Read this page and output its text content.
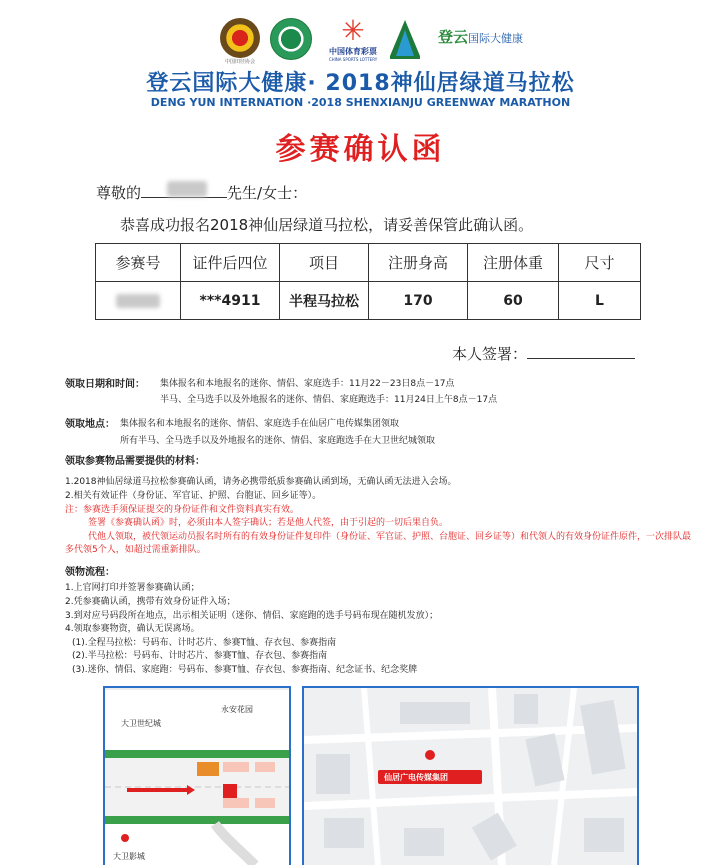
中国田径协会
✳
中国体育彩票
CHINA SPORTS LOTTERY
登云国际大健康
登云国际大健康· 2018神仙居绿道马拉松
DENG YUN INTERNATION ·2018 SHENXIANJU GREENWAY MARATHON
参赛确认函
尊敬的	先生/女士：
恭喜成功报名2018神仙居绿道马拉松，请妥善保管此确认函。
参赛号	证件后四位	项目	注册身高	注册体重	尺寸
	***4911	半程马拉松	170	60	L
本人签署：
领取日期和时间： 集体报名和本地报名的迷你、情侣、家庭选手：11月22－23日8点－17点
半马、全马选手以及外地报名的迷你、情侣、家庭跑选手：11月24日上午8点－17点
领取地点： 集体报名和本地报名的迷你、情侣、家庭选手在仙居广电传媒集团领取
所有半马、全马选手以及外地报名的迷你、情侣、家庭跑选手在大卫世纪城领取
领取参赛物品需要提供的材料：
1.2018神仙居绿道马拉松参赛确认函，请务必携带纸质参赛确认函到场，无确认函无法进入会场。
2.相关有效证件（身份证、军官证、护照、台胞证、回乡证等）。
注：参赛选手须保证提交的身份证件和文件资料真实有效。
签署《参赛确认函》时，必须由本人签字确认；若是他人代签，由于引起的一切后果自负。
代他人领取，被代领运动员报名时所有的有效身份证件复印件（身份证、军官证、护照、台胞证、回乡证等）和代领人的有效身份证件原件，一次排队最
多代领5个人，如超过需重新排队。
领物流程：
1.上官网打印并签署参赛确认函；
2.凭参赛确认函，携带有效身份证件入场；
3.到对应号码段所在地点，出示相关证明（迷你、情侣、家庭跑的选手号码布现在随机发放）；
4.领取参赛物资，确认无误离场。
(1).全程马拉松：号码布、计时芯片、参赛T恤、存衣包、参赛指南
(2).半马拉松：号码布、计时芯片、参赛T恤、存衣包、参赛指南
(3).迷你、情侣、家庭跑：号码布、参赛T恤、存衣包、参赛指南、纪念证书、纪念奖牌
永安花园
大卫世纪城
大卫影城
仙居广电传媒集团
